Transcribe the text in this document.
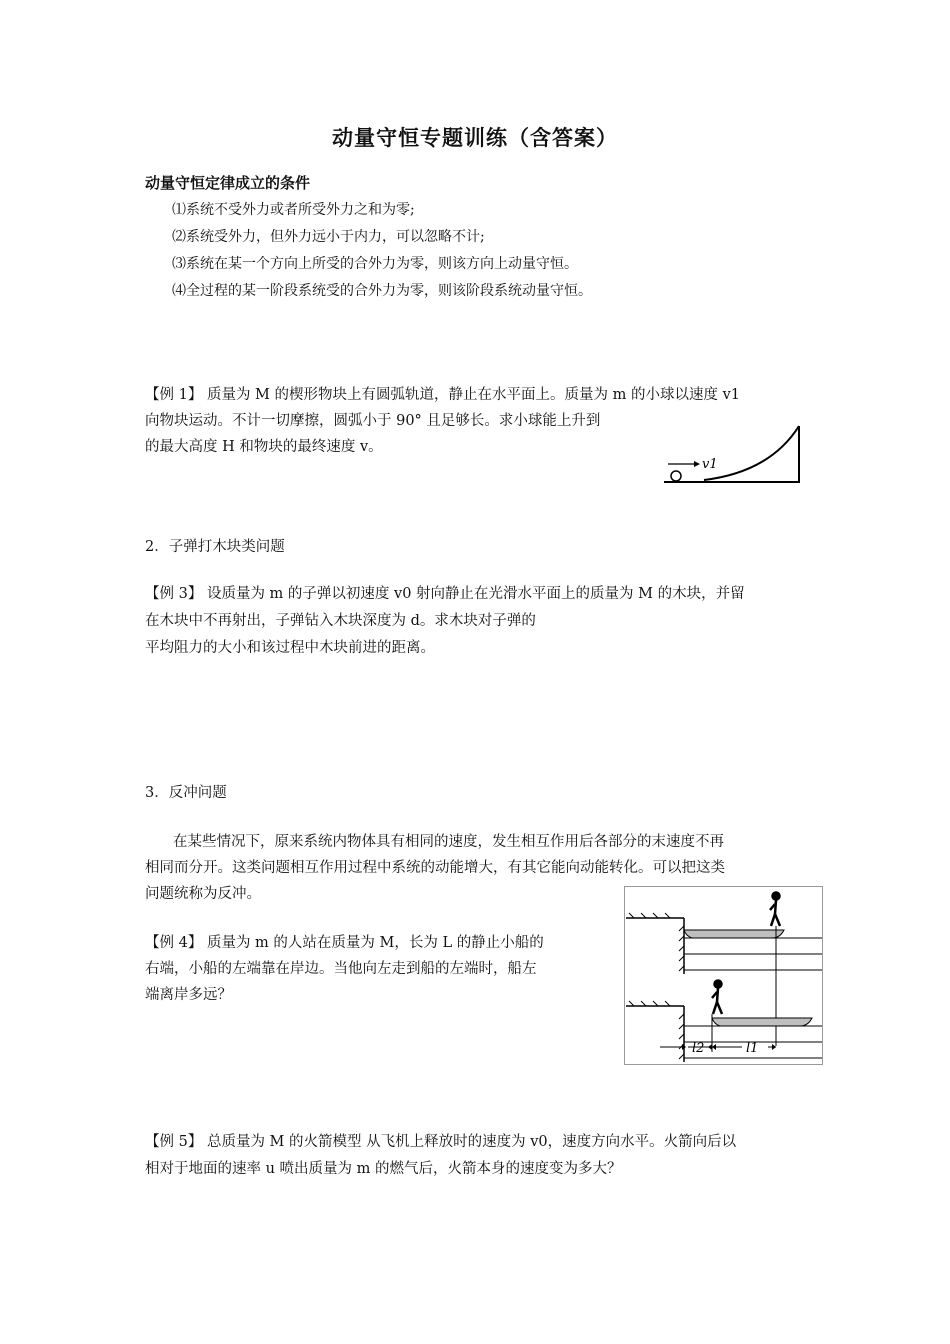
动量守恒专题训练（含答案）
动量守恒定律成立的条件
⑴系统不受外力或者所受外力之和为零;
⑵系统受外力，但外力远小于内力，可以忽略不计;
⑶系统在某一个方向上所受的合外力为零，则该方向上动量守恒。
⑷全过程的某一阶段系统受的合外力为零，则该阶段系统动量守恒。
【例 1】 质量为 M 的楔形物块上有圆弧轨道，静止在水平面上。质量为 m 的小球以速度 v1
向物块运动。不计一切摩擦，圆弧小于 90° 且足够长。求小球能上升到
的最大高度 H 和物块的最终速度 v。
v1
2．子弹打木块类问题
【例 3】 设质量为 m 的子弹以初速度 v0 射向静止在光滑水平面上的质量为 M 的木块，并留
在木块中不再射出，子弹钻入木块深度为 d。求木块对子弹的
平均阻力的大小和该过程中木块前进的距离。
3．反冲问题
在某些情况下，原来系统内物体具有相同的速度，发生相互作用后各部分的末速度不再
相同而分开。这类问题相互作用过程中系统的动能增大，有其它能向动能转化。可以把这类
问题统称为反冲。
【例 4】 质量为 m 的人站在质量为 M，长为 L 的静止小船的
右端，小船的左端靠在岸边。当他向左走到船的左端时，船左
端离岸多远？
l2	l1
【例 5】 总质量为 M 的火箭模型 从飞机上释放时的速度为 v0，速度方向水平。火箭向后以
相对于地面的速率 u 喷出质量为 m 的燃气后，火箭本身的速度变为多大？
